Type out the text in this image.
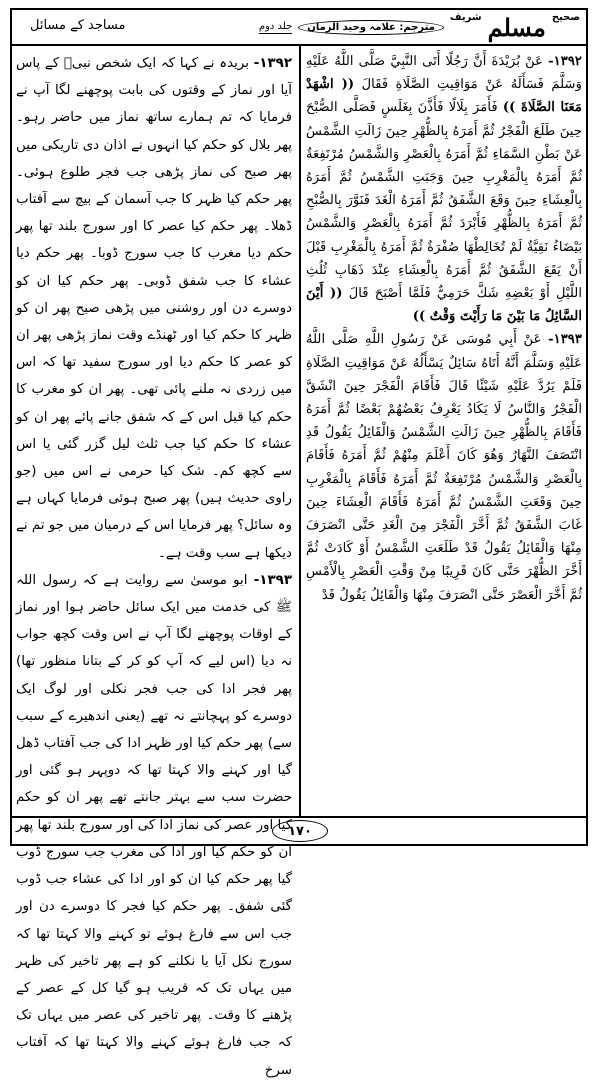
صحيح
مسلم
شریف
مترجم: علامہ وحید الزمان
جلد دوم
مساجد کے مسائل

۱۳۹۲- بریدہ نے کہا کہ ایک شخص نبیؐ کے پاس آیا اور نماز کے وقتوں کی بابت پوچھنے لگا آپ نے فرمایا کہ تم ہمارے ساتھ نماز میں حاضر رہو۔ پھر بلال کو حکم کیا انہوں نے اذان دی تاریکی میں پھر صبح کی نماز پڑھی جب فجر طلوع ہوئی۔ پھر حکم کیا ظہر کا جب آسمان کے بیچ سے آفتاب ڈھلا۔ پھر حکم کیا عصر کا اور سورج بلند تھا پھر حکم دیا مغرب کا جب سورج ڈوبا۔ پھر حکم دیا عشاء کا جب شفق ڈوبی۔ پھر حکم کیا ان کو دوسرے دن اور روشنی میں پڑھی صبح پھر ان کو ظہر کا حکم کیا اور ٹھنڈے وقت نماز پڑھی پھر ان کو عصر کا حکم دیا اور سورج سفید تھا کہ اس میں زردی نہ ملنے پائی تھی۔ پھر ان کو مغرب کا حکم کیا قبل اس کے کہ شفق جانے پائے پھر ان کو عشاء کا حکم کیا جب ثلث لیل گزر گئی یا اس سے کچھ کم۔ شک کیا حرمی نے اس میں (جو راوی حدیث ہیں) پھر صبح ہوئی فرمایا کہاں ہے وہ سائل؟ پھر فرمایا اس کے درمیان میں جو تم نے دیکھا ہے سب وقت ہے۔

۱۳۹۳- ابو موسیٰ سے روایت ہے کہ رسول اللہ ﷺ کی خدمت میں ایک سائل حاضر ہوا اور نماز کے اوقات پوچھنے لگا آپ نے اس وقت کچھ جواب نہ دیا (اس لیے کہ آپ کو کر کے بتانا منظور تھا) پھر فجر ادا کی جب فجر نکلی اور لوگ ایک دوسرے کو پہچانتے نہ تھے (یعنی اندھیرے کے سبب سے) پھر حکم کیا اور ظہر ادا کی جب آفتاب ڈھل گیا اور کہنے والا کہتا تھا کہ دوپہر ہو گئی اور حضرت سب سے بہتر جانتے تھے پھر ان کو حکم کیا اور عصر کی نماز ادا کی اور سورج بلند تھا پھر ان کو حکم کیا اور ادا کی مغرب جب سورج ڈوب گیا پھر حکم کیا ان کو اور ادا کی عشاء جب ڈوب گئی شفق۔ پھر حکم کیا فجر کا دوسرے دن اور جب اس سے فارغ ہوئے تو کہنے والا کہتا تھا کہ سورج نکل آیا یا نکلنے کو ہے پھر تاخیر کی ظہر میں یہاں تک کہ قریب ہو گیا کل کے عصر کے پڑھنے کا وقت۔ پھر تاخیر کی عصر میں یہاں تک کہ جب فارغ ہوئے کہنے والا کہتا تھا کہ آفتاب سرخ

۱۳۹۲- عَنْ بُرَيْدَةَ أَنَّ رَجُلًا أَتَى النَّبِيَّ صَلَّى اللَّهُ عَلَيْهِ وَسَلَّمَ فَسَأَلَهُ عَنْ مَوَاقِيتِ الصَّلَاةِ فَقَالَ (( اشْهَدْ مَعَنَا الصَّلَاةَ )) فَأَمَرَ بِلَالًا فَأَذَّنَ بِغَلَسٍ فَصَلَّى الصُّبْحَ حِينَ طَلَعَ الْفَجْرُ ثُمَّ أَمَرَهُ بِالظُّهْرِ حِينَ زَالَتِ الشَّمْسُ عَنْ بَطْنِ السَّمَاءِ ثُمَّ أَمَرَهُ بِالْعَصْرِ وَالشَّمْسُ مُرْتَفِعَةٌ ثُمَّ أَمَرَهُ بِالْمَغْرِبِ حِينَ وَجَبَتِ الشَّمْسُ ثُمَّ أَمَرَهُ بِالْعِشَاءِ حِينَ وَقَعَ الشَّفَقُ ثُمَّ أَمَرَهُ الْغَدَ فَنَوَّرَ بِالصُّبْحِ ثُمَّ أَمَرَهُ بِالظُّهْرِ فَأَبْرَدَ ثُمَّ أَمَرَهُ بِالْعَصْرِ وَالشَّمْسُ بَيْضَاءُ نَقِيَّةٌ لَمْ تُخَالِطْهَا صُفْرَةٌ ثُمَّ أَمَرَهُ بِالْمَغْرِبِ قَبْلَ أَنْ يَقَعَ الشَّفَقُ ثُمَّ أَمَرَهُ بِالْعِشَاءِ عِنْدَ ذَهَابِ ثُلُثِ اللَّيْلِ أَوْ بَعْضِهِ شَكَّ حَرَمِيٌّ فَلَمَّا أَصْبَحَ قَالَ (( أَيْنَ السَّائِلُ مَا بَيْنَ مَا رَأَيْتَ وَقْتٌ ))

۱۳۹۳- عَنْ أَبِي مُوسَى عَنْ رَسُولِ اللَّهِ صَلَّى اللَّهُ عَلَيْهِ وَسَلَّمَ أَنَّهُ أَتَاهُ سَائِلٌ يَسْأَلُهُ عَنْ مَوَاقِيتِ الصَّلَاةِ فَلَمْ يَرُدَّ عَلَيْهِ شَيْئًا قَالَ فَأَقَامَ الْفَجْرَ حِينَ انْشَقَّ الْفَجْرُ وَالنَّاسُ لَا يَكَادُ يَعْرِفُ بَعْضُهُمْ بَعْضًا ثُمَّ أَمَرَهُ فَأَقَامَ بِالظُّهْرِ حِينَ زَالَتِ الشَّمْسُ وَالْقَائِلُ يَقُولُ قَدِ انْتَصَفَ النَّهَارُ وَهُوَ كَانَ أَعْلَمَ مِنْهُمْ ثُمَّ أَمَرَهُ فَأَقَامَ بِالْعَصْرِ وَالشَّمْسُ مُرْتَفِعَةٌ ثُمَّ أَمَرَهُ فَأَقَامَ بِالْمَغْرِبِ حِينَ وَقَعَتِ الشَّمْسُ ثُمَّ أَمَرَهُ فَأَقَامَ الْعِشَاءَ حِينَ غَابَ الشَّفَقُ ثُمَّ أَخَّرَ الْفَجْرَ مِنَ الْغَدِ حَتَّى انْصَرَفَ مِنْهَا وَالْقَائِلُ يَقُولُ قَدْ طَلَعَتِ الشَّمْسُ أَوْ كَادَتْ ثُمَّ أَخَّرَ الظُّهْرَ حَتَّى كَانَ قَرِيبًا مِنْ وَقْتِ الْعَصْرِ بِالْأَمْسِ ثُمَّ أَخَّرَ الْعَصْرَ حَتَّى انْصَرَفَ مِنْهَا وَالْقَائِلُ يَقُولُ قَدْ

۱۷۰
